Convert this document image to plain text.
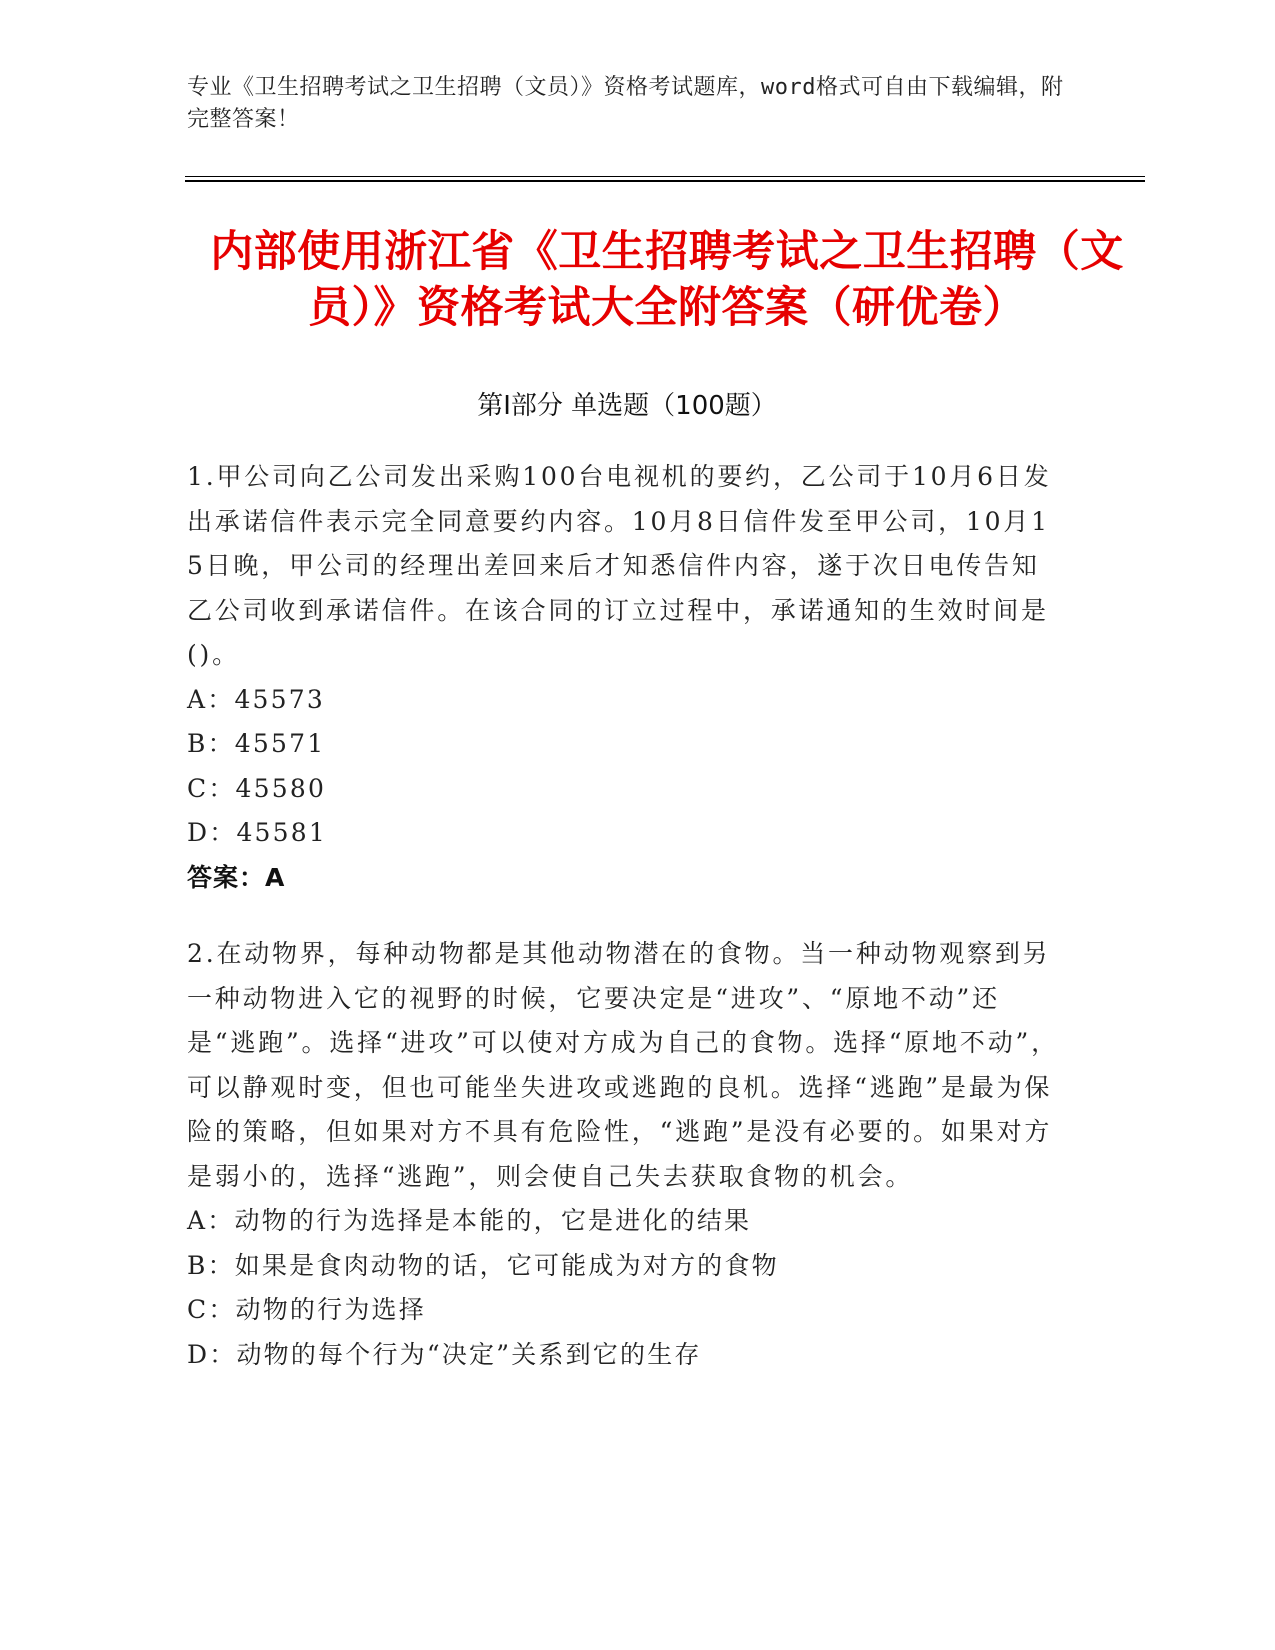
专业《卫生招聘考试之卫生招聘（文员）》资格考试题库，word格式可自由下载编辑，附完整答案！
内部使用浙江省《卫生招聘考试之卫生招聘（文员）》资格考试大全附答案（研优卷）
第Ⅰ部分 单选题（100题）
1.甲公司向乙公司发出采购100台电视机的要约，乙公司于10月6日发出承诺信件表示完全同意要约内容。10月8日信件发至甲公司，10月15日晚，甲公司的经理出差回来后才知悉信件内容，遂于次日电传告知乙公司收到承诺信件。在该合同的订立过程中，承诺通知的生效时间是()。
A：45573
B：45571
C：45580
D：45581
答案：A
2.在动物界，每种动物都是其他动物潜在的食物。当一种动物观察到另一种动物进入它的视野的时候，它要决定是“进攻”、“原地不动”还是“逃跑”。选择“进攻”可以使对方成为自己的食物。选择“原地不动”，可以静观时变，但也可能坐失进攻或逃跑的良机。选择“逃跑”是最为保险的策略，但如果对方不具有危险性，“逃跑”是没有必要的。如果对方是弱小的，选择“逃跑”，则会使自己失去获取食物的机会。
A：动物的行为选择是本能的，它是进化的结果
B：如果是食肉动物的话，它可能成为对方的食物
C：动物的行为选择
D：动物的每个行为“决定”关系到它的生存
